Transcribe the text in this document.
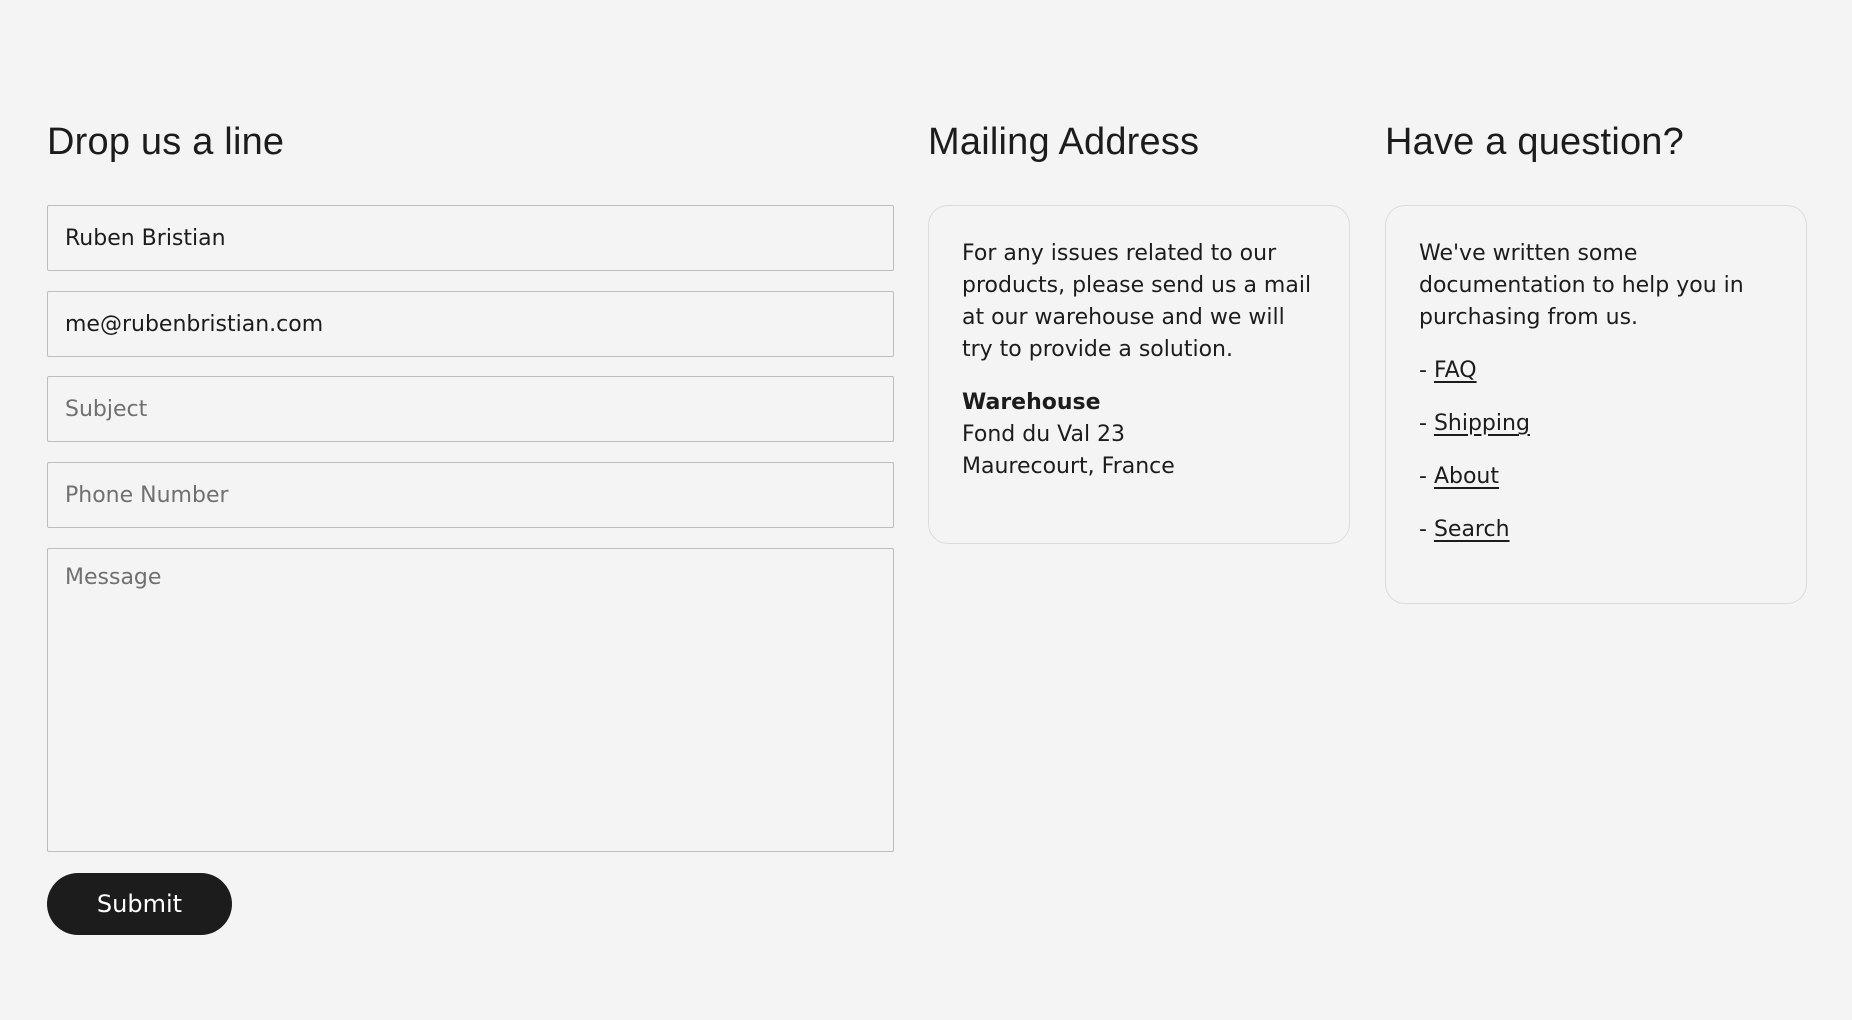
Drop us a line
Ruben Bristian
me@rubenbristian.com
Subject
Phone Number
Message
Submit
Mailing Address

For any issues related to our products, please send us a mail at our warehouse and we will try to provide a solution.

Warehouse
Fond du Val 23
Maurecourt, France
Have a question?

We've written some documentation to help you in purchasing from us.

- FAQ
- Shipping
- About
- Search
